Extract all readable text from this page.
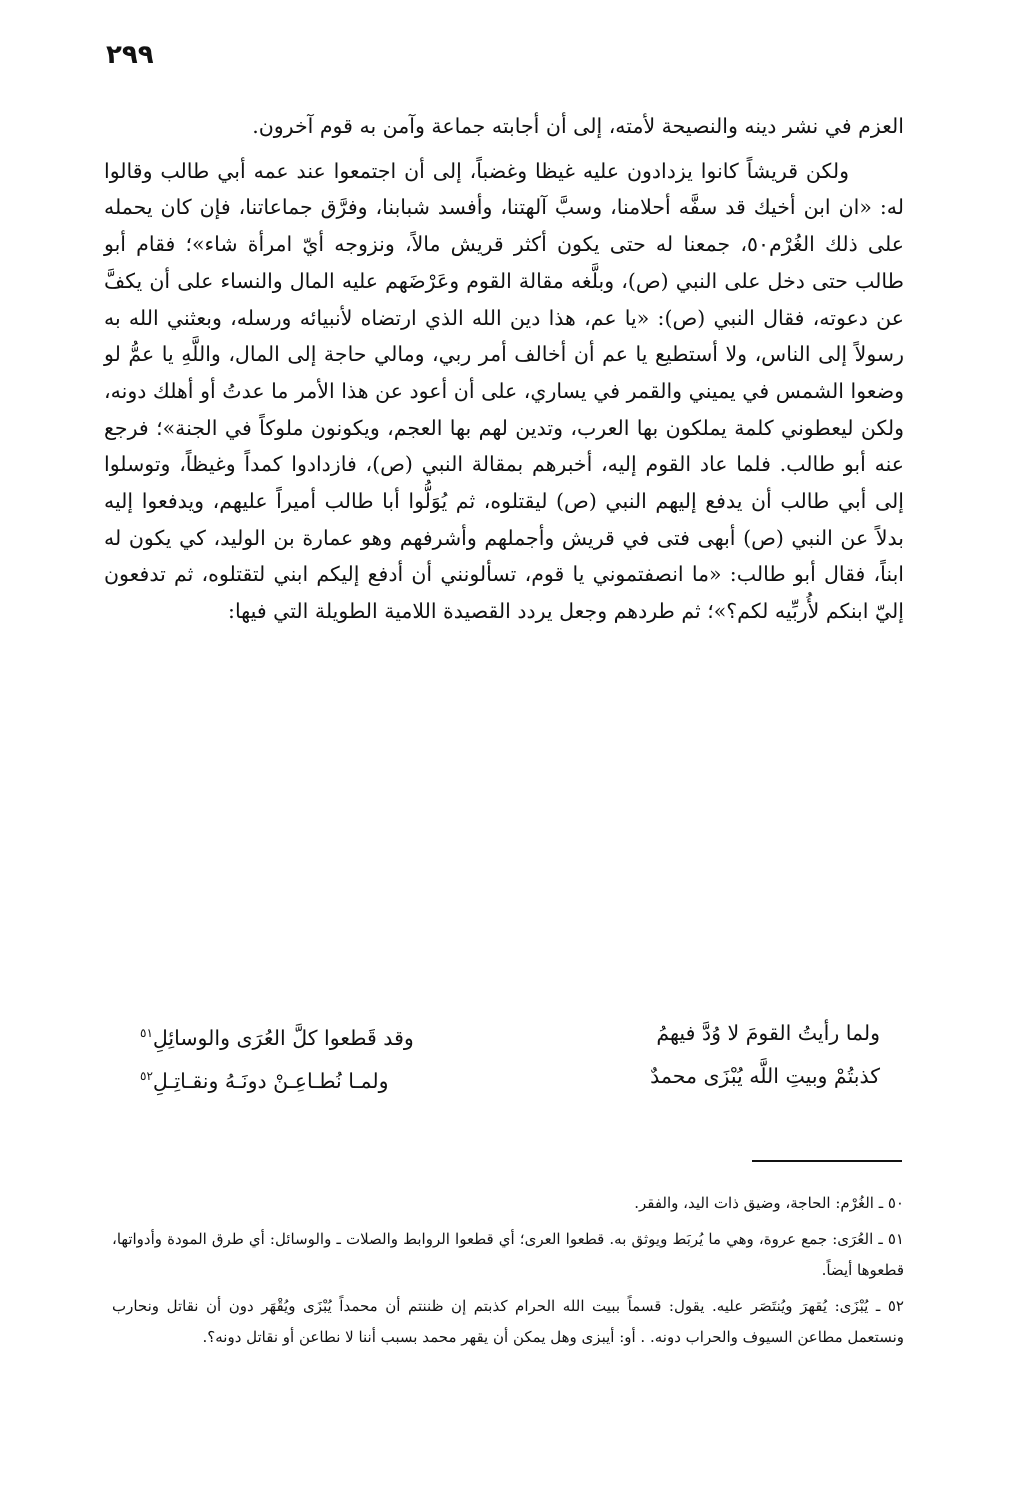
٢٩٩

العزم في نشر دينه والنصيحة لأمته، إلى أن أجابته جماعة وآمن به قوم آخرون.

ولكن قريشاً كانوا يزدادون عليه غيظا وغضباً، إلى أن اجتمعوا عند عمه أبي طالب وقالوا له: «ان ابن أخيك قد سفَّه أحلامنا، وسبَّ آلهتنا، وأفسد شبابنا، وفرَّق جماعاتنا، فإن كان يحمله على ذلك الغُرْم٥٠، جمعنا له حتى يكون أكثر قريش مالاً، ونزوجه أيّ امرأة شاء»؛ فقام أبو طالب حتى دخل على النبي (ص)، وبلَّغه مقالة القوم وعَرْضَهم عليه المال والنساء على أن يكفَّ عن دعوته، فقال النبي (ص): «يا عم، هذا دين الله الذي ارتضاه لأنبيائه ورسله، وبعثني الله به رسولاً إلى الناس، ولا أستطيع يا عم أن أخالف أمر ربي، ومالي حاجة إلى المال، واللَّهِ يا عمُّ لو وضعوا الشمس في يميني والقمر في يساري، على أن أعود عن هذا الأمر ما عدتُ أو أهلك دونه، ولكن ليعطوني كلمة يملكون بها العرب، وتدين لهم بها العجم، ويكونون ملوكاً في الجنة»؛ فرجع عنه أبو طالب. فلما عاد القوم إليه، أخبرهم بمقالة النبي (ص)، فازدادوا كمداً وغيظاً، وتوسلوا إلى أبي طالب أن يدفع إليهم النبي (ص) ليقتلوه، ثم يُوَلُّوا أبا طالب أميراً عليهم، ويدفعوا إليه بدلاً عن النبي (ص) أبهى فتى في قريش وأجملهم وأشرفهم وهو عمارة بن الوليد، كي يكون له ابناً، فقال أبو طالب: «ما انصفتموني يا قوم، تسألونني أن أدفع إليكم ابني لتقتلوه، ثم تدفعون إليّ ابنكم لأُربِّيه لكم؟»؛ ثم طردهم وجعل يردد القصيدة اللامية الطويلة التي فيها:

ولما رأيتُ القومَ لا وُدَّ فيهمُ
وقد قَطعوا كلَّ العُرَى والوسائِلِ$^{٥١}$
كذبتُمْ وبيتِ اللَّه يُبْزَى محمدٌ
ولمـا نُطـاعِـنْ دونَـهُ ونقـاتِـلِ$^{٥٢}$

٥٠ ـ الغُرْم: الحاجة، وضيق ذات اليد، والفقر.

٥١ ـ العُرَى: جمع عروة، وهي ما يُربَط ويوثق به. قطعوا العرى؛ أي قطعوا الروابط والصلات ـ والوسائل: أي طرق المودة وأدواتها، قطعوها أيضاً.

٥٢ ـ يُبْزَى: يُقهرَ ويُنتَصَر عليه. يقول: قسماً ببيت الله الحرام كذبتم إن ظننتم أن محمداً يُبْزَى ويُقْهَر دون أن نقاتل ونحارب ونستعمل مطاعن السيوف والحراب دونه. . أو: أيبزى وهل يمكن أن يقهر محمد بسبب أننا لا نطاعن أو نقاتل دونه؟.
